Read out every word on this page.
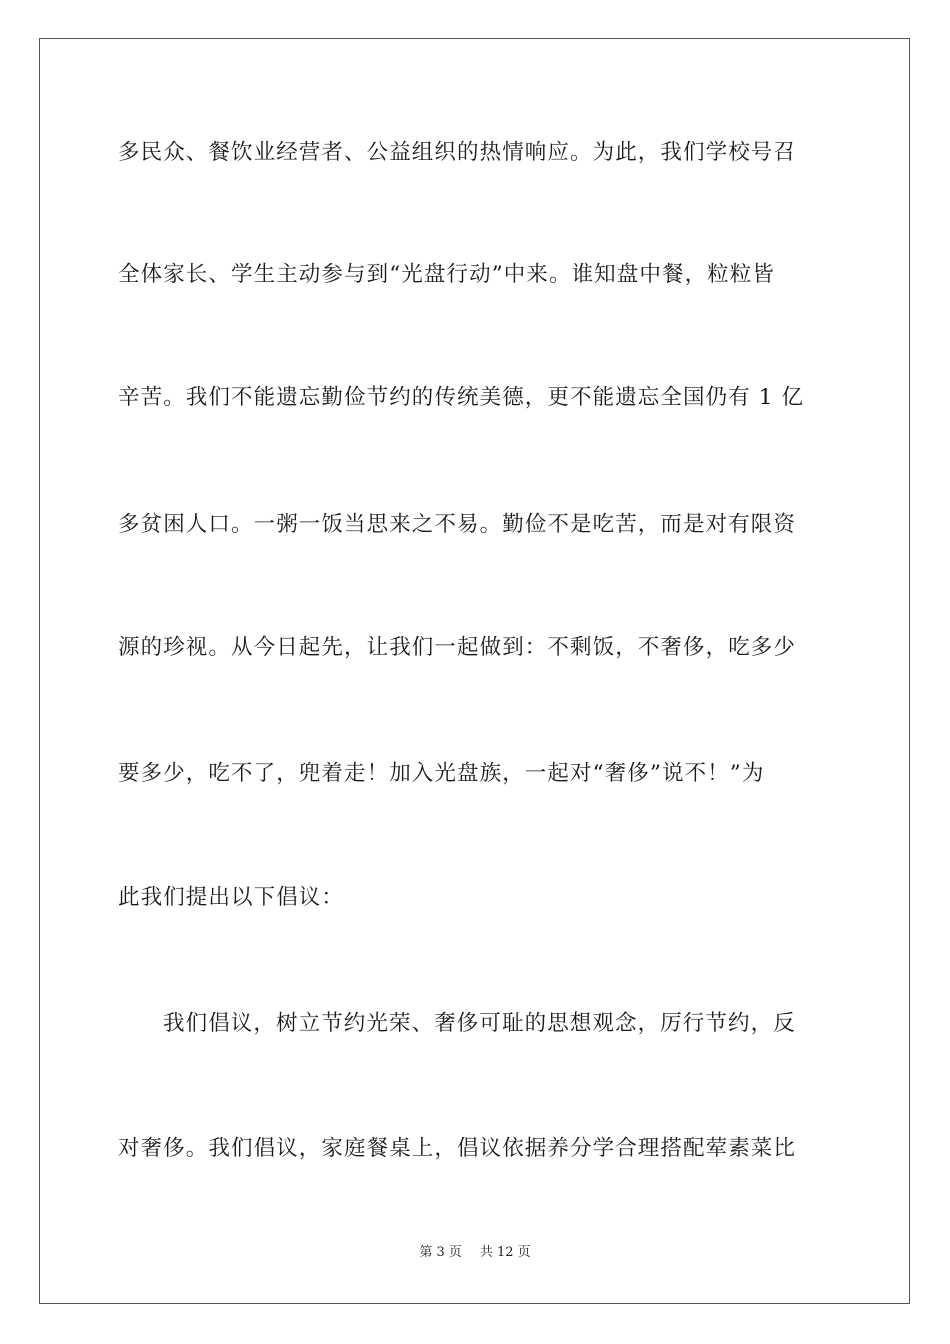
多民众、餐饮业经营者、公益组织的热情响应。为此，我们学校号召
全体家长、学生主动参与到“光盘行动”中来。谁知盘中餐，粒粒皆
辛苦。我们不能遗忘勤俭节约的传统美德，更不能遗忘全国仍有 1 亿
多贫困人口。一粥一饭当思来之不易。勤俭不是吃苦，而是对有限资
源的珍视。从今日起先，让我们一起做到：不剩饭，不奢侈，吃多少
要多少，吃不了，兜着走！加入光盘族，一起对“奢侈”说不！”为
此我们提出以下倡议：
我们倡议，树立节约光荣、奢侈可耻的思想观念，厉行节约，反
对奢侈。我们倡议，家庭餐桌上，倡议依据养分学合理搭配荤素菜比
第 3 页 共 12 页
